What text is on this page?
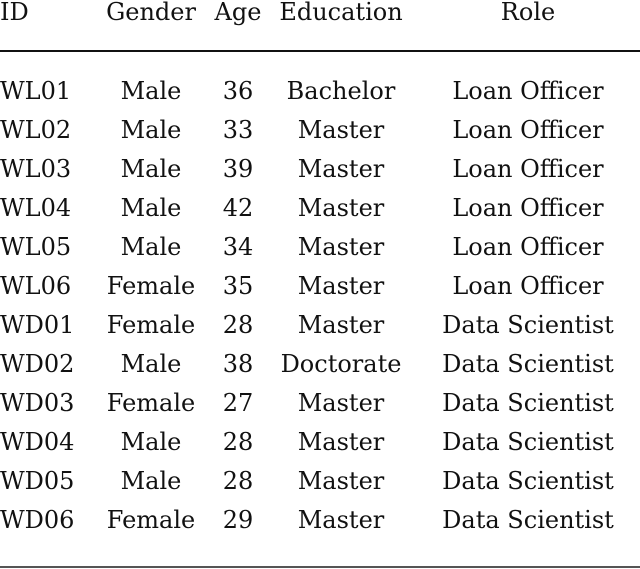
ID	Gender	Age	Education	Role

WL01	Male	36	Bachelor	Loan Officer
WL02	Male	33	Master	Loan Officer
WL03	Male	39	Master	Loan Officer
WL04	Male	42	Master	Loan Officer
WL05	Male	34	Master	Loan Officer
WL06	Female	35	Master	Loan Officer
WD01	Female	28	Master	Data Scientist
WD02	Male	38	Doctorate	Data Scientist
WD03	Female	27	Master	Data Scientist
WD04	Male	28	Master	Data Scientist
WD05	Male	28	Master	Data Scientist
WD06	Female	29	Master	Data Scientist
